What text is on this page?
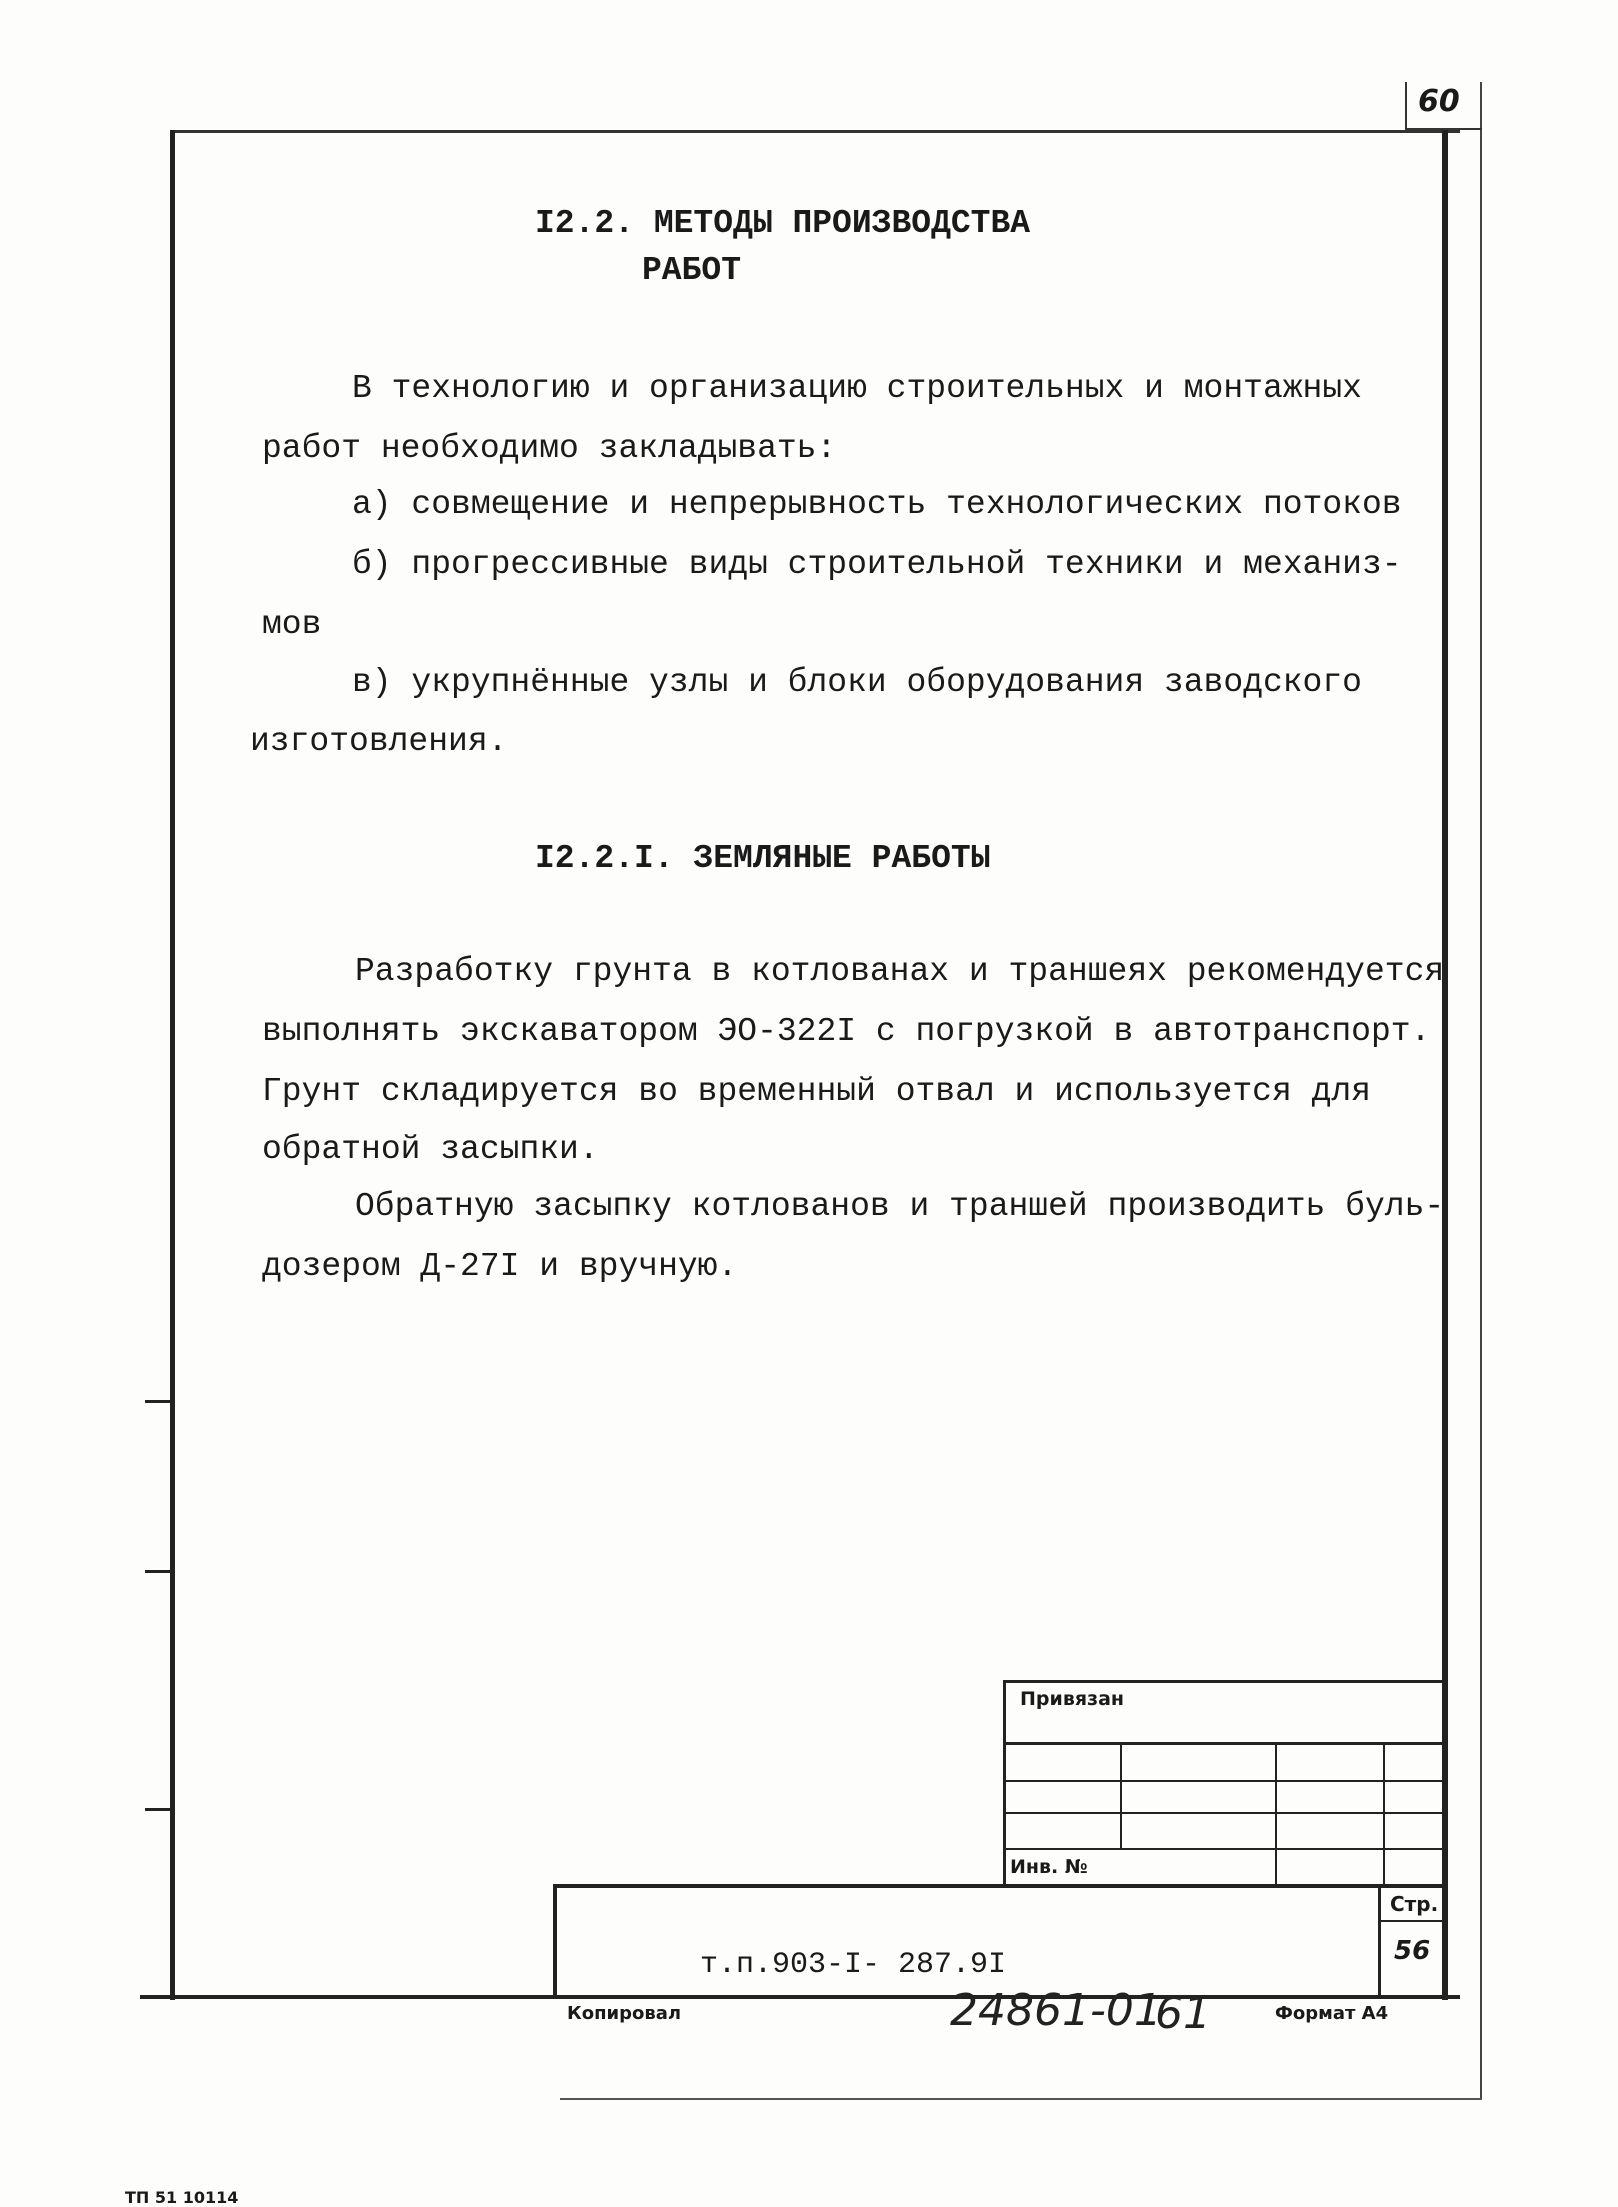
60
I2.2. МЕТОДЫ ПРОИЗВОДСТВА
РАБОТ
В технологию и организацию строительных и монтажных
работ необходимо закладывать:
а) совмещение и непрерывность технологических потоков
б) прогрессивные виды строительной техники и механиз-
мов
в) укрупнённые узлы и блоки оборудования заводского
изготовления.
I2.2.I. ЗЕМЛЯНЫЕ РАБОТЫ
Разработку грунта в котлованах и траншеях рекомендуется
выполнять экскаватором ЭО-322I с погрузкой в автотранспорт.
Грунт складируется во временный отвал и используется для
обратной засыпки.
Обратную засыпку котлованов и траншей производить буль-
дозером Д-27I и вручную.
Привязан
Инв. №
Стр.
56
т.п.903-I- 287.9I
Копировал	24861-01
61	Формат А4
ТП 51 10114
